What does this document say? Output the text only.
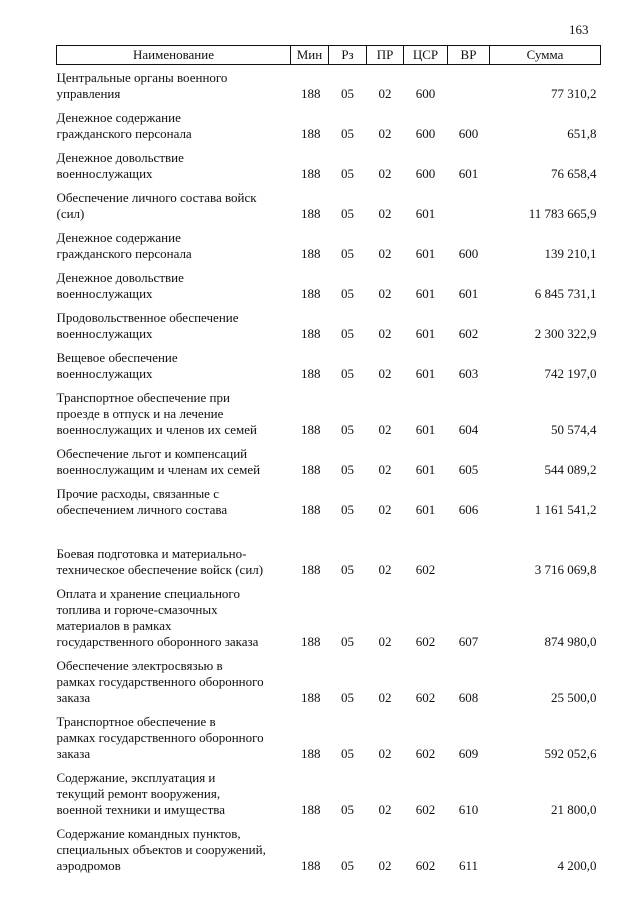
163
Наименование	Мин	Рз	ПР	ЦСР	ВР	Сумма
Центральные органы военного
управления	188	05	02	600		77 310,2
Денежное содержание
гражданского персонала	188	05	02	600	600	651,8
Денежное довольствие
военнослужащих	188	05	02	600	601	76 658,4
Обеспечение личного состава войск
(сил)	188	05	02	601		11 783 665,9
Денежное содержание
гражданского персонала	188	05	02	601	600	139 210,1
Денежное довольствие
военнослужащих	188	05	02	601	601	6 845 731,1
Продовольственное обеспечение
военнослужащих	188	05	02	601	602	2 300 322,9
Вещевое обеспечение
военнослужащих	188	05	02	601	603	742 197,0
Транспортное обеспечение при
проезде в отпуск и на лечение
военнослужащих и членов их семей	188	05	02	601	604	50 574,4
Обеспечение льгот и компенсаций
военнослужащим и членам их семей	188	05	02	601	605	544 089,2
Прочие расходы, связанные с
обеспечением личного состава	188	05	02	601	606	1 161 541,2

Боевая подготовка и материально-
техническое обеспечение войск (сил)	188	05	02	602		3 716 069,8
Оплата и хранение специального
топлива и горюче-смазочных
материалов в рамках
государственного оборонного заказа	188	05	02	602	607	874 980,0
Обеспечение электросвязью в
рамках государственного оборонного
заказа	188	05	02	602	608	25 500,0
Транспортное обеспечение в
рамках государственного оборонного
заказа	188	05	02	602	609	592 052,6
Содержание, эксплуатация и
текущий ремонт вооружения,
военной техники и имущества	188	05	02	602	610	21 800,0
Содержание командных пунктов,
специальных объектов и сооружений,
аэродромов	188	05	02	602	611	4 200,0
